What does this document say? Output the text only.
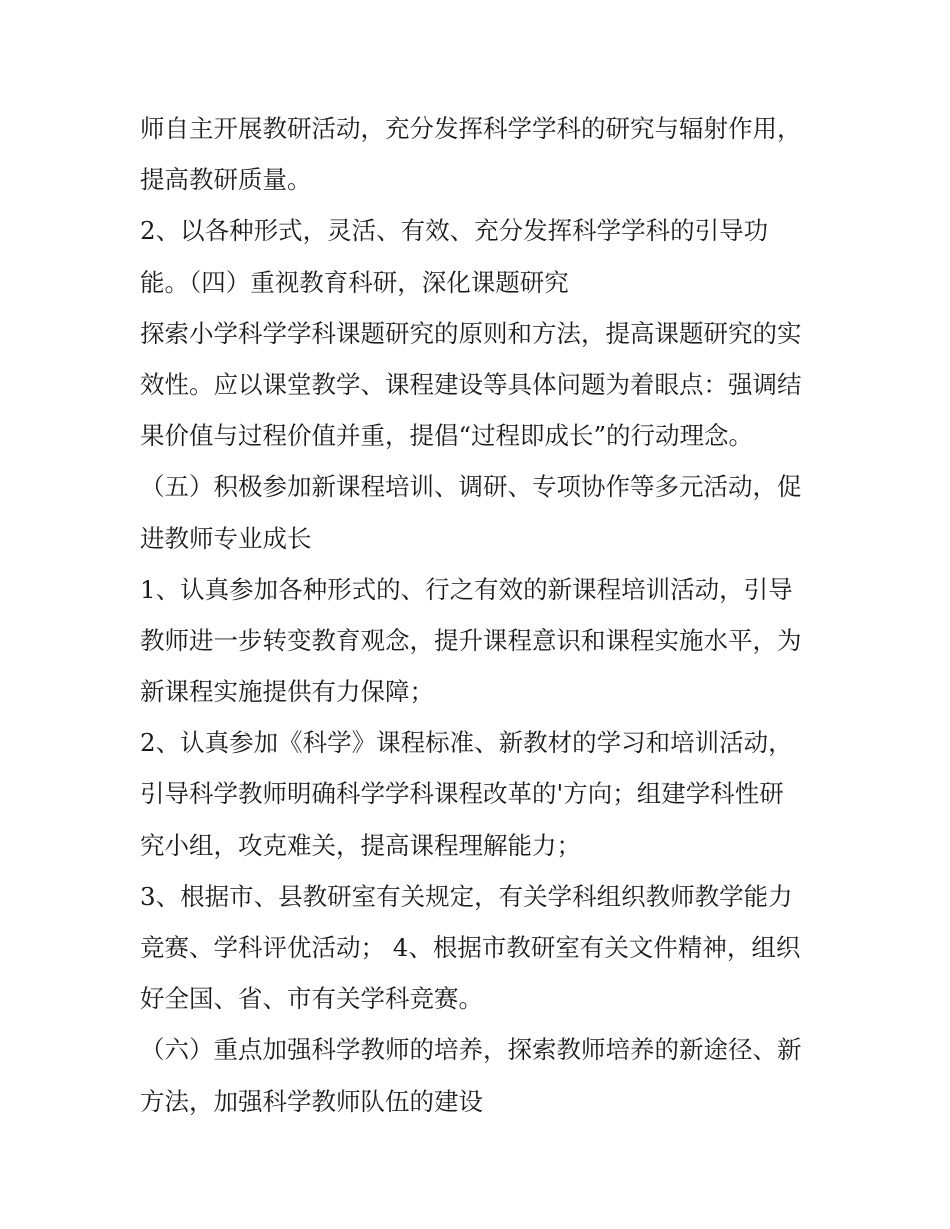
师自主开展教研活动，充分发挥科学学科的研究与辐射作用，
提高教研质量。
2、以各种形式，灵活、有效、充分发挥科学学科的引导功
能。（四）重视教育科研，深化课题研究
探索小学科学学科课题研究的原则和方法，提高课题研究的实
效性。应以课堂教学、课程建设等具体问题为着眼点：强调结
果价值与过程价值并重，提倡“过程即成长”的行动理念。
（五）积极参加新课程培训、调研、专项协作等多元活动，促
进教师专业成长
1、认真参加各种形式的、行之有效的新课程培训活动，引导
教师进一步转变教育观念，提升课程意识和课程实施水平，为
新课程实施提供有力保障；
2、认真参加《科学》课程标准、新教材的学习和培训活动，
引导科学教师明确科学学科课程改革的'方向；组建学科性研
究小组，攻克难关，提高课程理解能力；
3、根据市、县教研室有关规定，有关学科组织教师教学能力
竞赛、学科评优活动； 4、根据市教研室有关文件精神，组织
好全国、省、市有关学科竞赛。
（六）重点加强科学教师的培养，探索教师培养的新途径、新
方法，加强科学教师队伍的建设
